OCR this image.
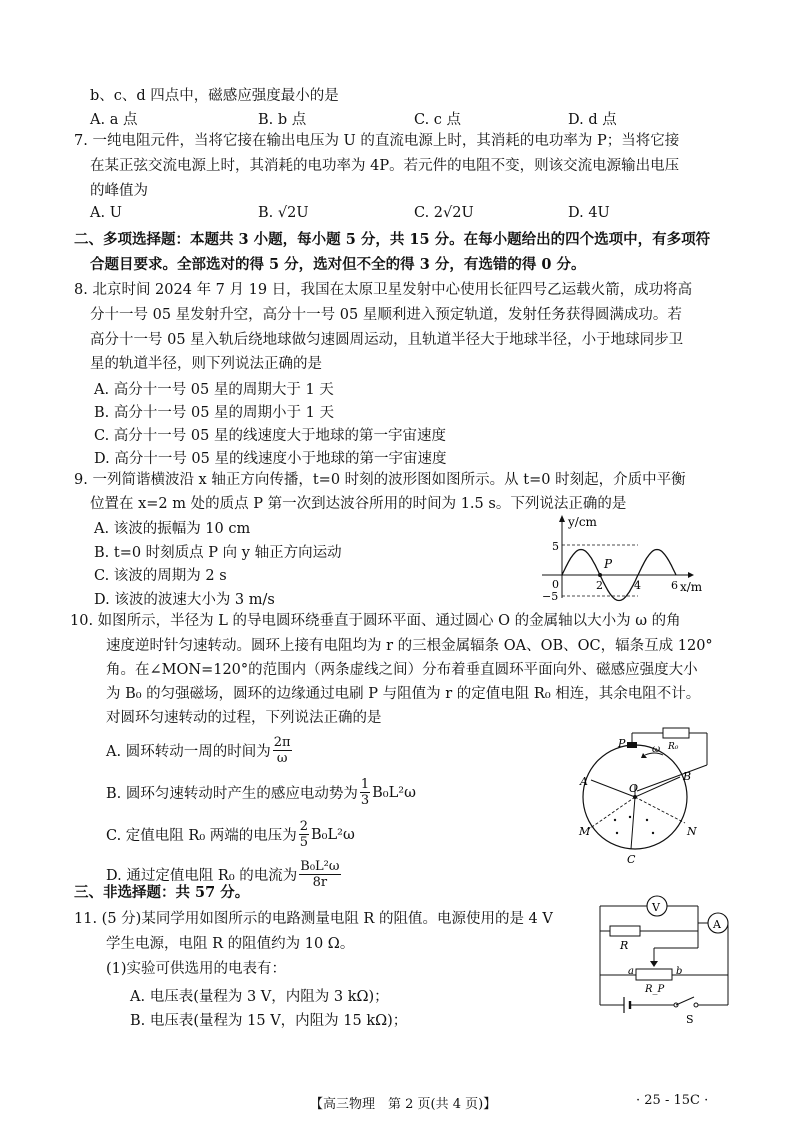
b、c、d 四点中，磁感应强度最小的是
A. a 点	B. b 点	C. c 点	D. d 点
7. 一纯电阻元件，当将它接在输出电压为 U 的直流电源上时，其消耗的电功率为 P；当将它接
在某正弦交流电源上时，其消耗的电功率为 4P。若元件的电阻不变，则该交流电源输出电压
的峰值为
A. U	B. √2U	C. 2√2U	D. 4U
二、多项选择题：本题共 3 小题，每小题 5 分，共 15 分。在每小题给出的四个选项中，有多项符
合题目要求。全部选对的得 5 分，选对但不全的得 3 分，有选错的得 0 分。
8. 北京时间 2024 年 7 月 19 日，我国在太原卫星发射中心使用长征四号乙运载火箭，成功将高
分十一号 05 星发射升空，高分十一号 05 星顺利进入预定轨道，发射任务获得圆满成功。若
高分十一号 05 星入轨后绕地球做匀速圆周运动，且轨道半径大于地球半径，小于地球同步卫
星的轨道半径，则下列说法正确的是
A. 高分十一号 05 星的周期大于 1 天
B. 高分十一号 05 星的周期小于 1 天
C. 高分十一号 05 星的线速度大于地球的第一宇宙速度
D. 高分十一号 05 星的线速度小于地球的第一宇宙速度
9. 一列简谐横波沿 x 轴正方向传播，t=0 时刻的波形图如图所示。从 t=0 时刻起，介质中平衡
位置在 x=2 m 处的质点 P 第一次到达波谷所用的时间为 1.5 s。下列说法正确的是
A. 该波的振幅为 10 cm
B. t=0 时刻质点 P 向 y 轴正方向运动
C. 该波的周期为 2 s
D. 该波的波速大小为 3 m/s
y/cm
x/m
5
−5
0	2	4	6
P
10. 如图所示，半径为 L 的导电圆环绕垂直于圆环平面、通过圆心 O 的金属轴以大小为 ω 的角
速度逆时针匀速转动。圆环上接有电阻均为 r 的三根金属辐条 OA、OB、OC，辐条互成 120°
角。在∠MON=120°的范围内（两条虚线之间）分布着垂直圆环平面向外、磁感应强度大小
为 B₀ 的匀强磁场，圆环的边缘通过电刷 P 与阻值为 r 的定值电阻 R₀ 相连，其余电阻不计。
对圆环匀速转动的过程，下列说法正确的是
A. 圆环转动一周的时间为 $\frac{2\pi}{\omega}$
B. 圆环匀速转动时产生的感应电动势为 $\frac{1}{3} B_0L^2\omega$
C. 定值电阻 R₀ 两端的电压为 $\frac{2}{5} B_0L^2\omega$
D. 通过定值电阻 R₀ 的电流为 $\frac{\text{B₀L²ω}}{8r}$
P	ω R₀
A	B
O
M	N
C
三、非选择题：共 57 分。
11. (5 分)某同学用如图所示的电路测量电阻 R 的阻值。电源使用的是 4 V
学生电源，电阻 R 的阻值约为 10 Ω。
(1)实验可供选用的电表有：
A. 电压表(量程为 3 V，内阻为 3 kΩ)；
B. 电压表(量程为 15 V，内阻为 15 kΩ)；
V
A
R
a	b
R_P
S
【高三物理　第 2 页(共 4 页)】	· 25 - 15C ·
